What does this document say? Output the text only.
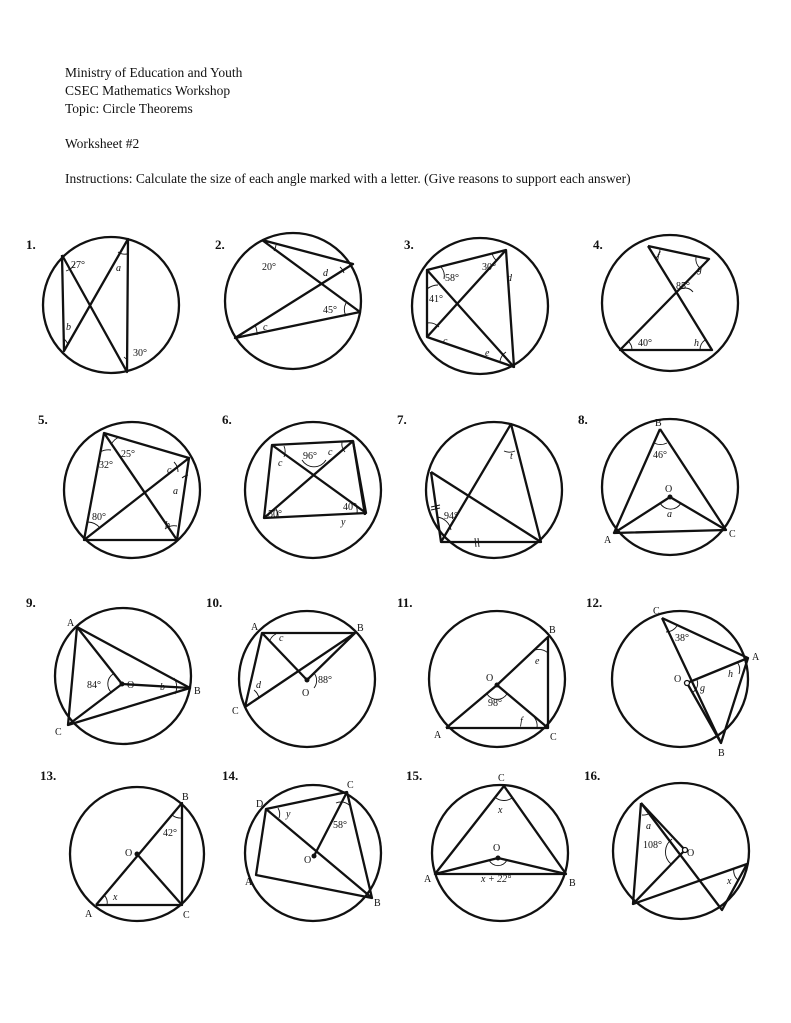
Ministry of Education and Youth
CSEC Mathematics Workshop
Topic: Circle Theorems
Worksheet #2
Instructions: Calculate the size of each angle marked with a letter. (Give reasons to support each answer)
1.
27°	a
b
30°
2.
20°
d
45°
c
3.
58°
30°
d
41°
c
e
4.
f
g
85°
40°	h
5.
25°
32°	c
a
80°
b
6.
c
96° c
40°
50°
y
7.
t
94°
8.	B
46°
O
a
A
C
9.
A
84°	O	b	B
C
10.
A
c
B
88°
O
d
C
11.
B
O
e
98°
f
A	C
12.
C
38°
A
O	h
g
B
13.
B
42°
O
x
A	C
14.
C
D
y
58°
O
A
B
15.	C
x
O
A	x + 22°	B
16.
a
108°
O
x
